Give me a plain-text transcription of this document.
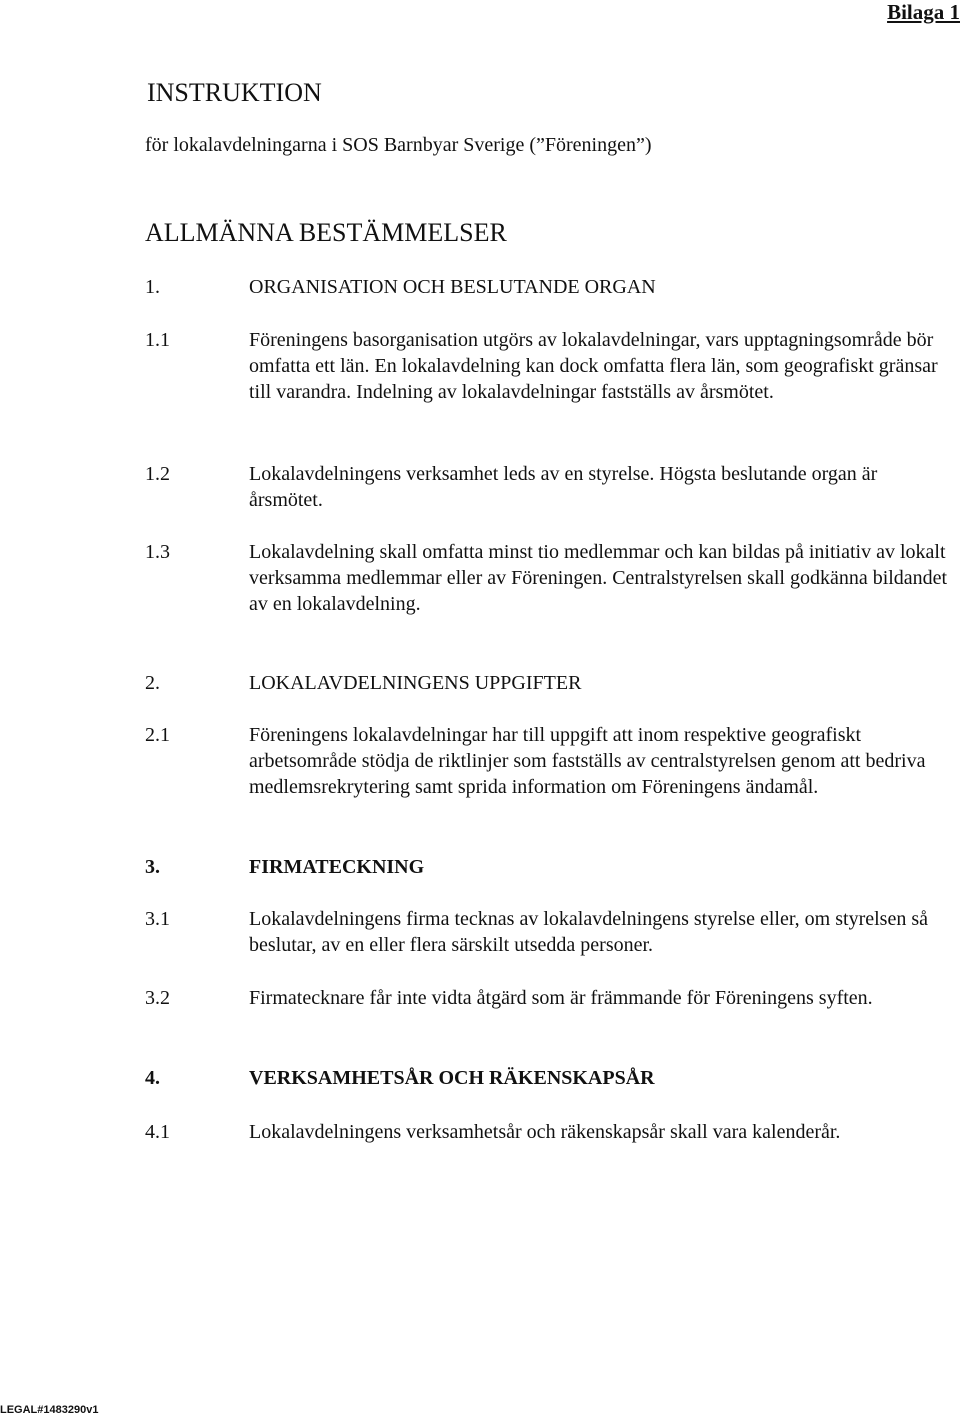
Bilaga 1
INSTRUKTION
för lokalavdelningarna i SOS Barnbyar Sverige (”Föreningen”)
ALLMÄNNA BESTÄMMELSER
1.	ORGANISATION OCH BESLUTANDE ORGAN
1.1	Föreningens basorganisation utgörs av lokalavdelningar, vars upptagningsområde bör omfatta ett län. En lokalavdelning kan dock omfatta flera län, som geografiskt gränsar till varandra. Indelning av lokalavdelningar fastställs av årsmötet.
1.2	Lokalavdelningens verksamhet leds av en styrelse. Högsta beslutande organ är årsmötet.
1.3	Lokalavdelning skall omfatta minst tio medlemmar och kan bildas på initiativ av lokalt verksamma medlemmar eller av Föreningen. Centralstyrelsen skall godkänna bildandet av en lokalavdelning.
2.	LOKALAVDELNINGENS UPPGIFTER
2.1	Föreningens lokalavdelningar har till uppgift att inom respektive geografiskt arbetsområde stödja de riktlinjer som fastställs av centralstyrelsen genom att bedriva medlemsrekrytering samt sprida information om Föreningens ändamål.
3.	FIRMATECKNING
3.1	Lokalavdelningens firma tecknas av lokalavdelningens styrelse eller, om styrelsen så beslutar, av en eller flera särskilt utsedda personer.
3.2	Firmatecknare får inte vidta åtgärd som är främmande för Föreningens syften.
4.	VERKSAMHETSÅR OCH RÄKENSKAPSÅR
4.1	Lokalavdelningens verksamhetsår och räkenskapsår skall vara kalenderår.
LEGAL#1483290v1
